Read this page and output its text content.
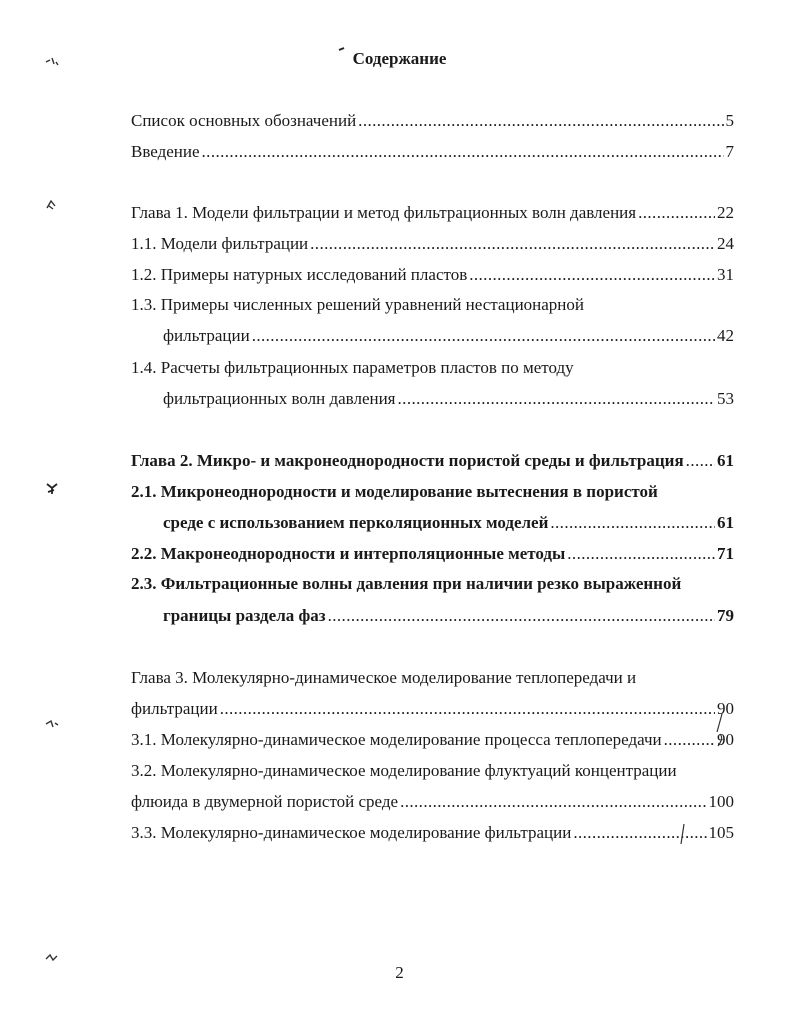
Содержание
Список основных обозначений .....	5
Введение .....	7
Глава 1. Модели фильтрации и метод фильтрационных волн давления .....	22
1.1. Модели фильтрации .....	24
1.2. Примеры натурных исследований пластов .....	31
1.3. Примеры численных решений уравнений нестационарной
фильтрации .....	42
1.4. Расчеты фильтрационных параметров пластов по методу
фильтрационных волн давления .....	53
Глава 2. Микро- и макронеоднородности пористой среды и фильтрация ..... 61
2.1. Микронеоднородности и моделирование вытеснения в пористой
среде с использованием перколяционных моделей .....	61
2.2. Макронеоднородности и интерполяционные методы .....	71
2.3. Фильтрационные волны давления при наличии резко выраженной
границы раздела фаз .....	79
Глава 3. Молекулярно-динамическое моделирование теплопередачи и
фильтрации .....	90
3.1. Молекулярно-динамическое моделирование процесса теплопередачи .....	90
3.2. Молекулярно-динамическое моделирование флуктуаций концентрации
флюида в двумерной пористой среде .....	100
3.3. Молекулярно-динамическое моделирование фильтрации .....	105
2
